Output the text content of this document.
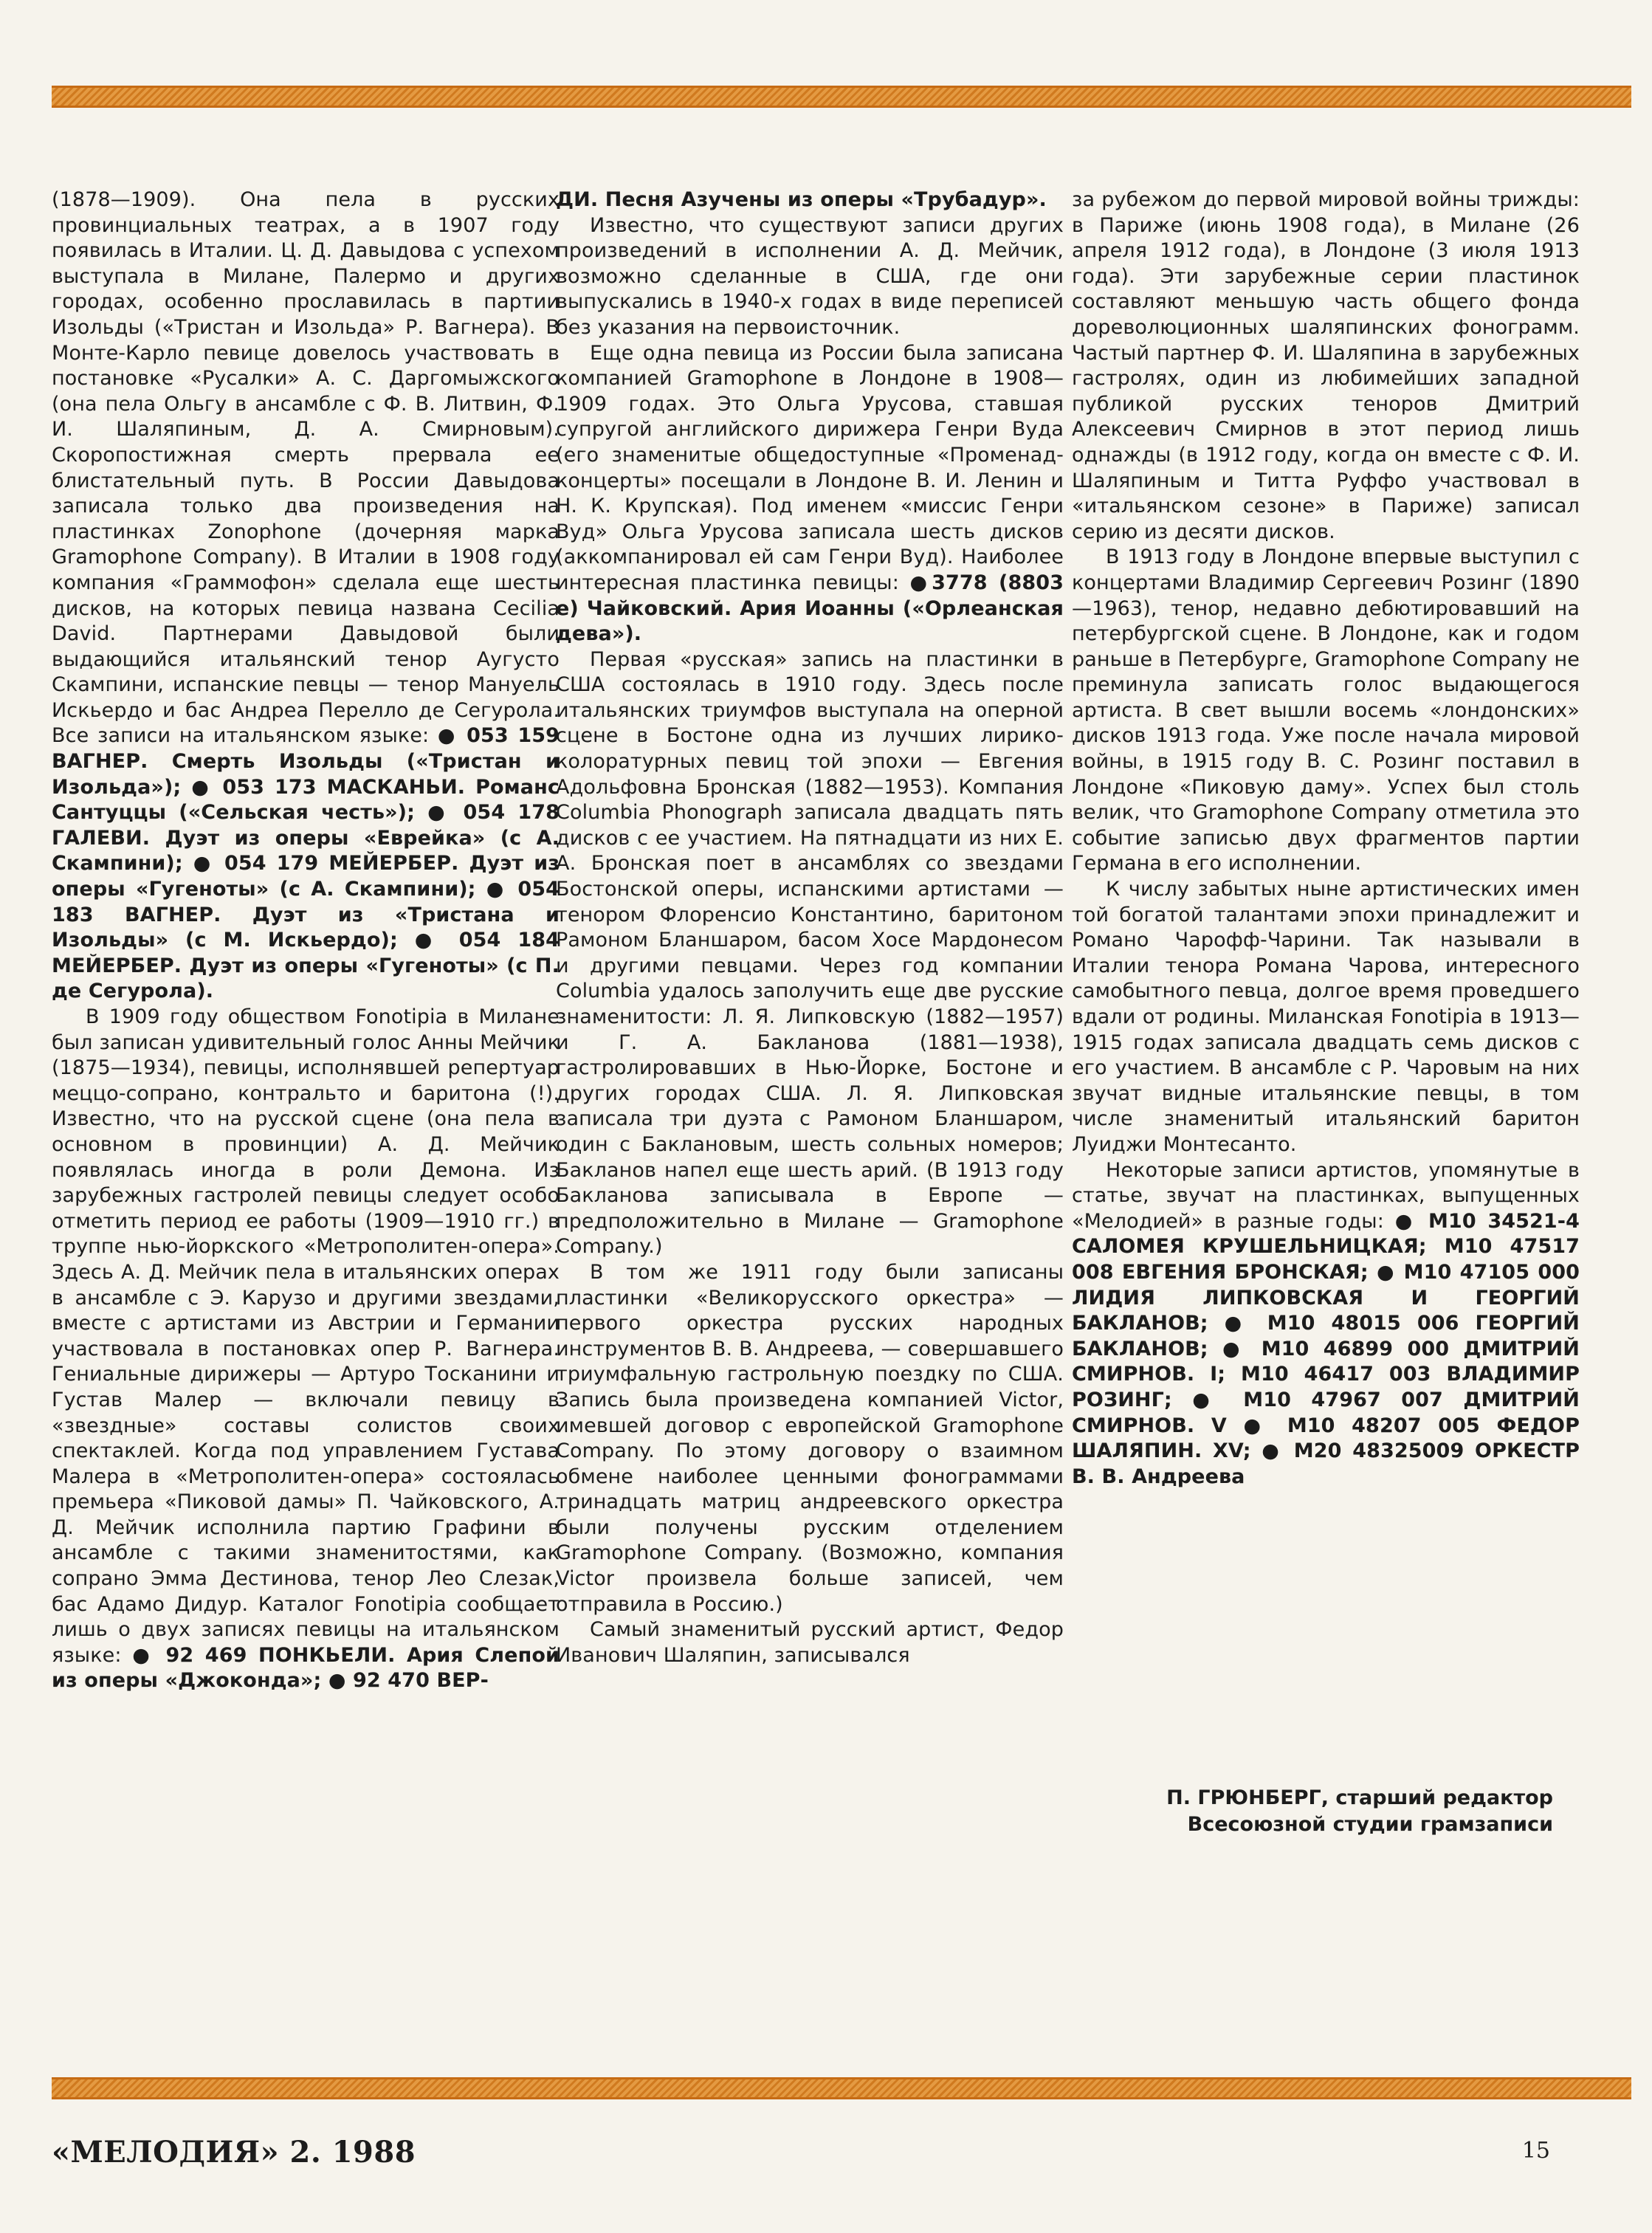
(1878—1909). Она пела в русских провинциальных театрах, а в 1907 году появилась в Италии. Ц. Д. Давыдова с успехом выступала в Милане, Палермо и других городах, особенно прославилась в партии Изольды («Тристан и Изольда» Р. Вагнера). В Монте-Карло певице довелось участвовать в постановке «Русалки» А. С. Даргомыжского (она пела Ольгу в ансамбле с Ф. В. Литвин, Ф. И. Шаляпиным, Д. А. Смирновым). Скоропостижная смерть прервала ее блистательный путь. В России Давыдова записала только два произведения на пластинках Zonophone (дочерняя марка Gramophone Company). В Италии в 1908 году компания «Граммофон» сделала еще шесть дисков, на которых певица названа Cecilia David. Партнерами Давыдовой были выдающийся итальянский тенор Аугусто Скампини, испанские певцы — тенор Мануель Искьердо и бас Андреа Перелло де Сегурола. Все записи на итальянском языке: ● 053 159 ВАГНЕР. Смерть Изольды («Тристан и Изольда»); ● 053 173 МАСКАНЬИ. Романс Сантуццы («Сельская честь»); ● 054 178 ГАЛЕВИ. Дуэт из оперы «Еврейка» (с А. Скампини); ● 054 179 МЕЙЕРБЕР. Дуэт из оперы «Гугеноты» (с А. Скампини); ● 054 183 ВАГНЕР. Дуэт из «Тристана и Изольды» (с М. Искьердо); ● 054 184 МЕЙЕРБЕР. Дуэт из оперы «Гугеноты» (с П. де Сегурола).

В 1909 году обществом Fonotipia в Милане был записан удивительный голос Анны Мейчик (1875—1934), певицы, исполнявшей репертуар меццо-сопрано, контральто и баритона (!). Известно, что на русской сцене (она пела в основном в провинции) А. Д. Мейчик появлялась иногда в роли Демона. Из зарубежных гастролей певицы следует особо отметить период ее работы (1909—1910 гг.) в труппе нью-йоркского «Метрополитен-опера». Здесь А. Д. Мейчик пела в итальянских операх в ансамбле с Э. Карузо и другими звездами, вместе с артистами из Австрии и Германии участвовала в постановках опер Р. Вагнера. Гениальные дирижеры — Артуро Тосканини и Густав Малер — включали певицу в «звездные» составы солистов своих спектаклей. Когда под управлением Густава Малера в «Метрополитен-опера» состоялась премьера «Пиковой дамы» П. Чайковского, А. Д. Мейчик исполнила партию Графини в ансамбле с такими знаменитостями, как сопрано Эмма Дестинова, тенор Лео Слезак, бас Адамо Дидур. Каталог Fonotipia сообщает лишь о двух записях певицы на итальянском языке: ● 92 469 ПОНКЬЕЛИ. Ария Слепой из оперы «Джоконда»; ● 92 470 ВЕР-

ДИ. Песня Азучены из оперы «Трубадур».

Известно, что существуют записи других произведений в исполнении А. Д. Мейчик, возможно сделанные в США, где они выпускались в 1940-х годах в виде переписей без указания на первоисточник.

Еще одна певица из России была записана компанией Gramophone в Лондоне в 1908—1909 годах. Это Ольга Урусова, ставшая супругой английского дирижера Генри Вуда (его знаменитые общедоступные «Променад-концерты» посещали в Лондоне В. И. Ленин и Н. К. Крупская). Под именем «миссис Генри Вуд» Ольга Урусова записала шесть дисков (аккомпанировал ей сам Генри Вуд). Наиболее интересная пластинка певицы: ●3778 (8803 е) Чайковский. Ария Иоанны («Орлеанская дева»).

Первая «русская» запись на пластинки в США состоялась в 1910 году. Здесь после итальянских триумфов выступала на оперной сцене в Бостоне одна из лучших лирико-колоратурных певиц той эпохи — Евгения Адольфовна Бронская (1882—1953). Компания Columbia Phonograph записала двадцать пять дисков с ее участием. На пятнадцати из них Е. А. Бронская поет в ансамблях со звездами Бостонской оперы, испанскими артистами — тенором Флоренсио Константино, баритоном Рамоном Бланшаром, басом Хосе Мардонесом и другими певцами. Через год компании Columbia удалось заполучить еще две русские знаменитости: Л. Я. Липковскую (1882—1957) и Г. А. Бакланова (1881—1938), гастролировавших в Нью-Йорке, Бостоне и других городах США. Л. Я. Липковская записала три дуэта с Рамоном Бланшаром, один с Баклановым, шесть сольных номеров; Бакланов напел еще шесть арий. (В 1913 году Бакланова записывала в Европе — предположительно в Милане — Gramophone Company.)

В том же 1911 году были записаны пластинки «Великорусского оркестра» — первого оркестра русских народных инструментов В. В. Андреева, — совершавшего триумфальную гастрольную поездку по США. Запись была произведена компанией Victor, имевшей договор с европейской Gramophone Company. По этому договору о взаимном обмене наиболее ценными фонограммами тринадцать матриц андреевского оркестра были получены русским отделением Gramophone Company. (Возможно, компания Victor произвела больше записей, чем отправила в Россию.)

Самый знаменитый русский артист, Федор Иванович Шаляпин, записывался

за рубежом до первой мировой войны трижды: в Париже (июнь 1908 года), в Милане (26 апреля 1912 года), в Лондоне (3 июля 1913 года). Эти зарубежные серии пластинок составляют меньшую часть общего фонда дореволюционных шаляпинских фонограмм. Частый партнер Ф. И. Шаляпина в зарубежных гастролях, один из любимейших западной публикой русских теноров Дмитрий Алексеевич Смирнов в этот период лишь однажды (в 1912 году, когда он вместе с Ф. И. Шаляпиным и Титта Руффо участвовал в «итальянском сезоне» в Париже) записал серию из десяти дисков.

В 1913 году в Лондоне впервые выступил с концертами Владимир Сергеевич Розинг (1890—1963), тенор, недавно дебютировавший на петербургской сцене. В Лондоне, как и годом раньше в Петербурге, Gramophone Company не преминула записать голос выдающегося артиста. В свет вышли восемь «лондонских» дисков 1913 года. Уже после начала мировой войны, в 1915 году В. С. Розинг поставил в Лондоне «Пиковую даму». Успех был столь велик, что Gramophone Company отметила это событие записью двух фрагментов партии Германа в его исполнении.

К числу забытых ныне артистических имен той богатой талантами эпохи принадлежит и Романо Чарофф-Чарини. Так называли в Италии тенора Романа Чарова, интересного самобытного певца, долгое время проведшего вдали от родины. Миланская Fonotipia в 1913—1915 годах записала двадцать семь дисков с его участием. В ансамбле с Р. Чаровым на них звучат видные итальянские певцы, в том числе знаменитый итальянский баритон Луиджи Монтесанто.

Некоторые записи артистов, упомянутые в статье, звучат на пластинках, выпущенных «Мелодией» в разные годы: ● М10 34521-4 САЛОМЕЯ КРУШЕЛЬНИЦКАЯ; М10 47517 008 ЕВГЕНИЯ БРОНСКАЯ; ● М10 47105 000 ЛИДИЯ ЛИПКОВСКАЯ И ГЕОРГИЙ БАКЛАНОВ; ● М10 48015 006 ГЕОРГИЙ БАКЛАНОВ; ● М10 46899 000 ДМИТРИЙ СМИРНОВ. I; М10 46417 003 ВЛАДИМИР РОЗИНГ; ● М10 47967 007 ДМИТРИЙ СМИРНОВ. V ● М10 48207 005 ФЕДОР ШАЛЯПИН. XV; ● М20 48325009 ОРКЕСТР В. В. Андреева

П. ГРЮНБЕРГ, старший редактор
Всесоюзной студии грамзаписи
«МЕЛОДИЯ» 2. 1988	15
